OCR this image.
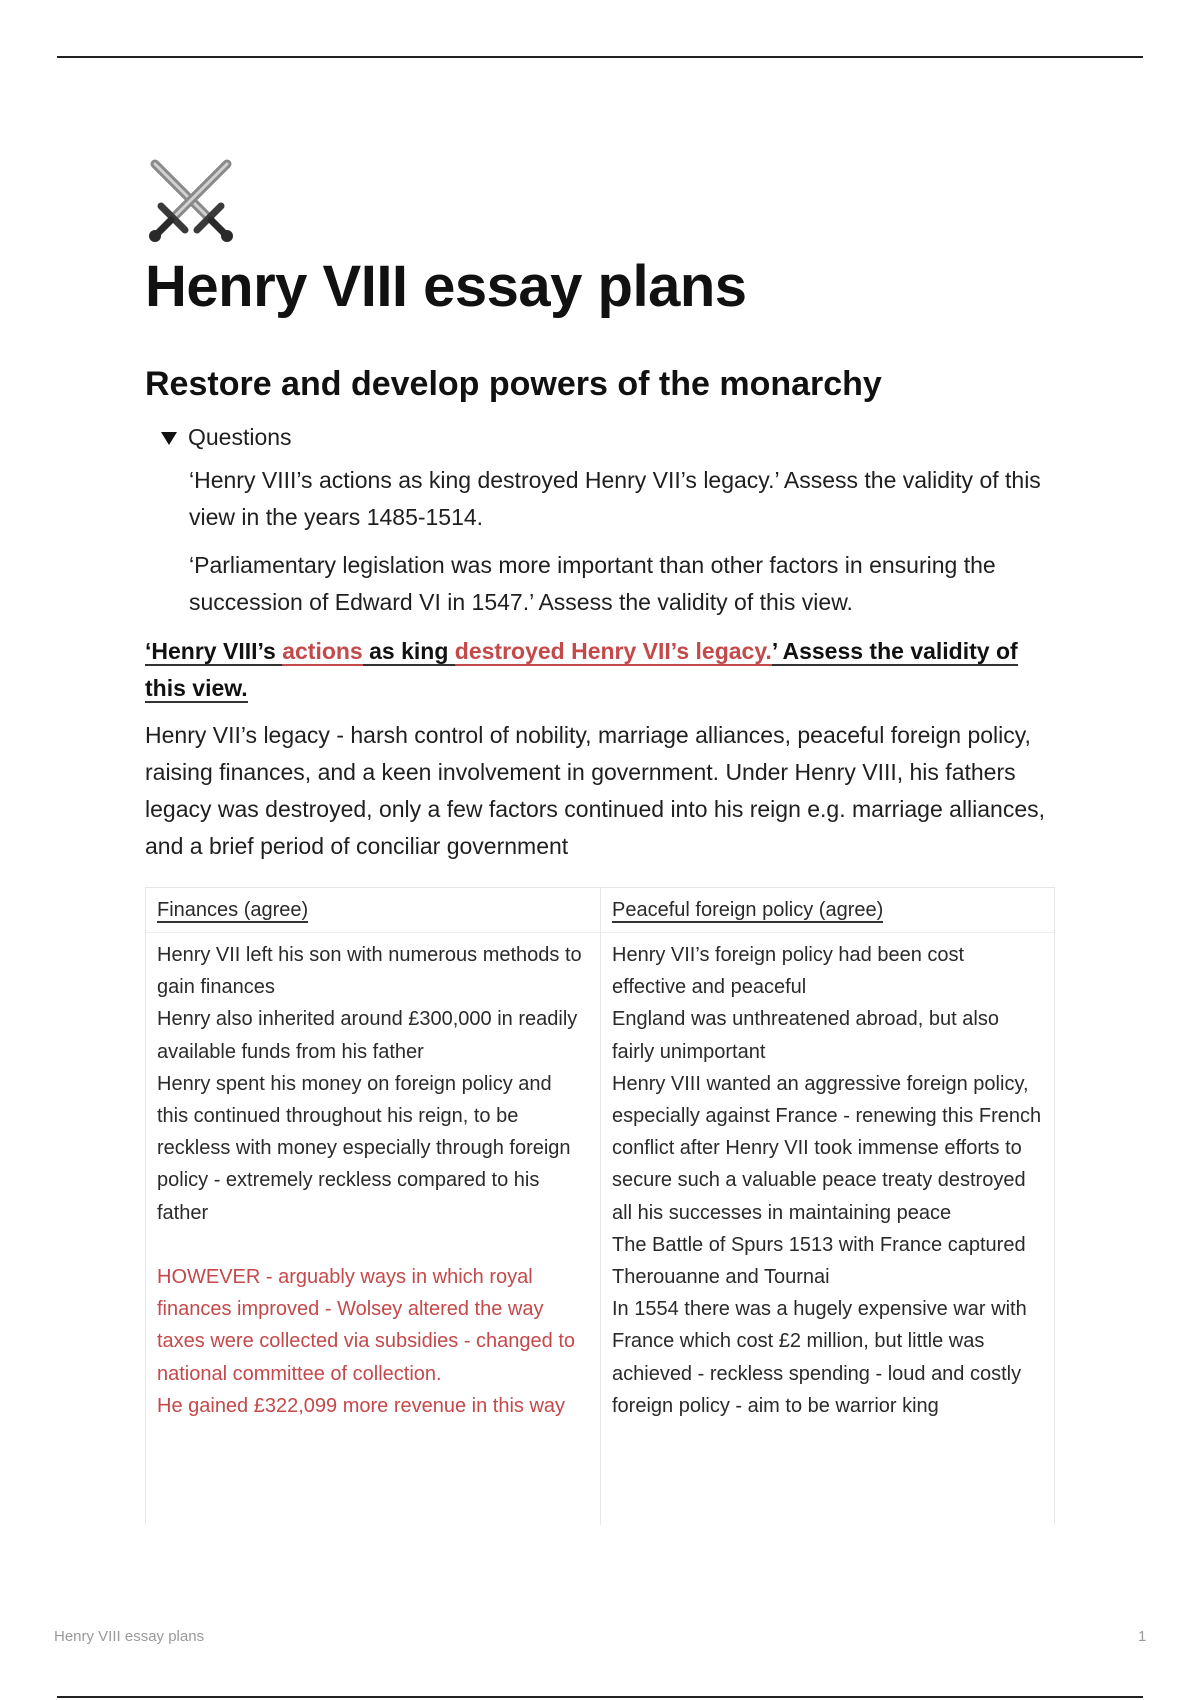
Henry VIII essay plans
Restore and develop powers of the monarchy
Questions

‘Henry VIII’s actions as king destroyed Henry VII’s legacy.’ Assess the validity of this view in the years 1485-1514.

‘Parliamentary legislation was more important than other factors in ensuring the succession of Edward VI in 1547.’ Assess the validity of this view.

‘Henry VIII’s actions as king destroyed Henry VII’s legacy.’ Assess the validity of this view.
Henry VII’s legacy - harsh control of nobility, marriage alliances, peaceful foreign policy, raising finances, and a keen involvement in government. Under Henry VIII, his fathers legacy was destroyed, only a few factors continued into his reign e.g. marriage alliances, and a brief period of conciliar government
Finances (agree)	Peaceful foreign policy (agree)
Henry VII left his son with numerous methods to gain finances
Henry also inherited around £300,000 in readily available funds from his father
Henry spent his money on foreign policy and this continued throughout his reign, to be reckless with money especially through foreign policy - extremely reckless compared to his father
HOWEVER - arguably ways in which royal finances improved - Wolsey altered the way taxes were collected via subsidies - changed to national committee of collection.
He gained £322,099 more revenue in this way
Henry VII’s foreign policy had been cost effective and peaceful
England was unthreatened abroad, but also fairly unimportant
Henry VIII wanted an aggressive foreign policy, especially against France - renewing this French conflict after Henry VII took immense efforts to secure such a valuable peace treaty destroyed all his successes in maintaining peace
The Battle of Spurs 1513 with France captured Therouanne and Tournai
In 1554 there was a hugely expensive war with France which cost £2 million, but little was achieved - reckless spending - loud and costly foreign policy - aim to be warrior king
Henry VIII essay plans	1
